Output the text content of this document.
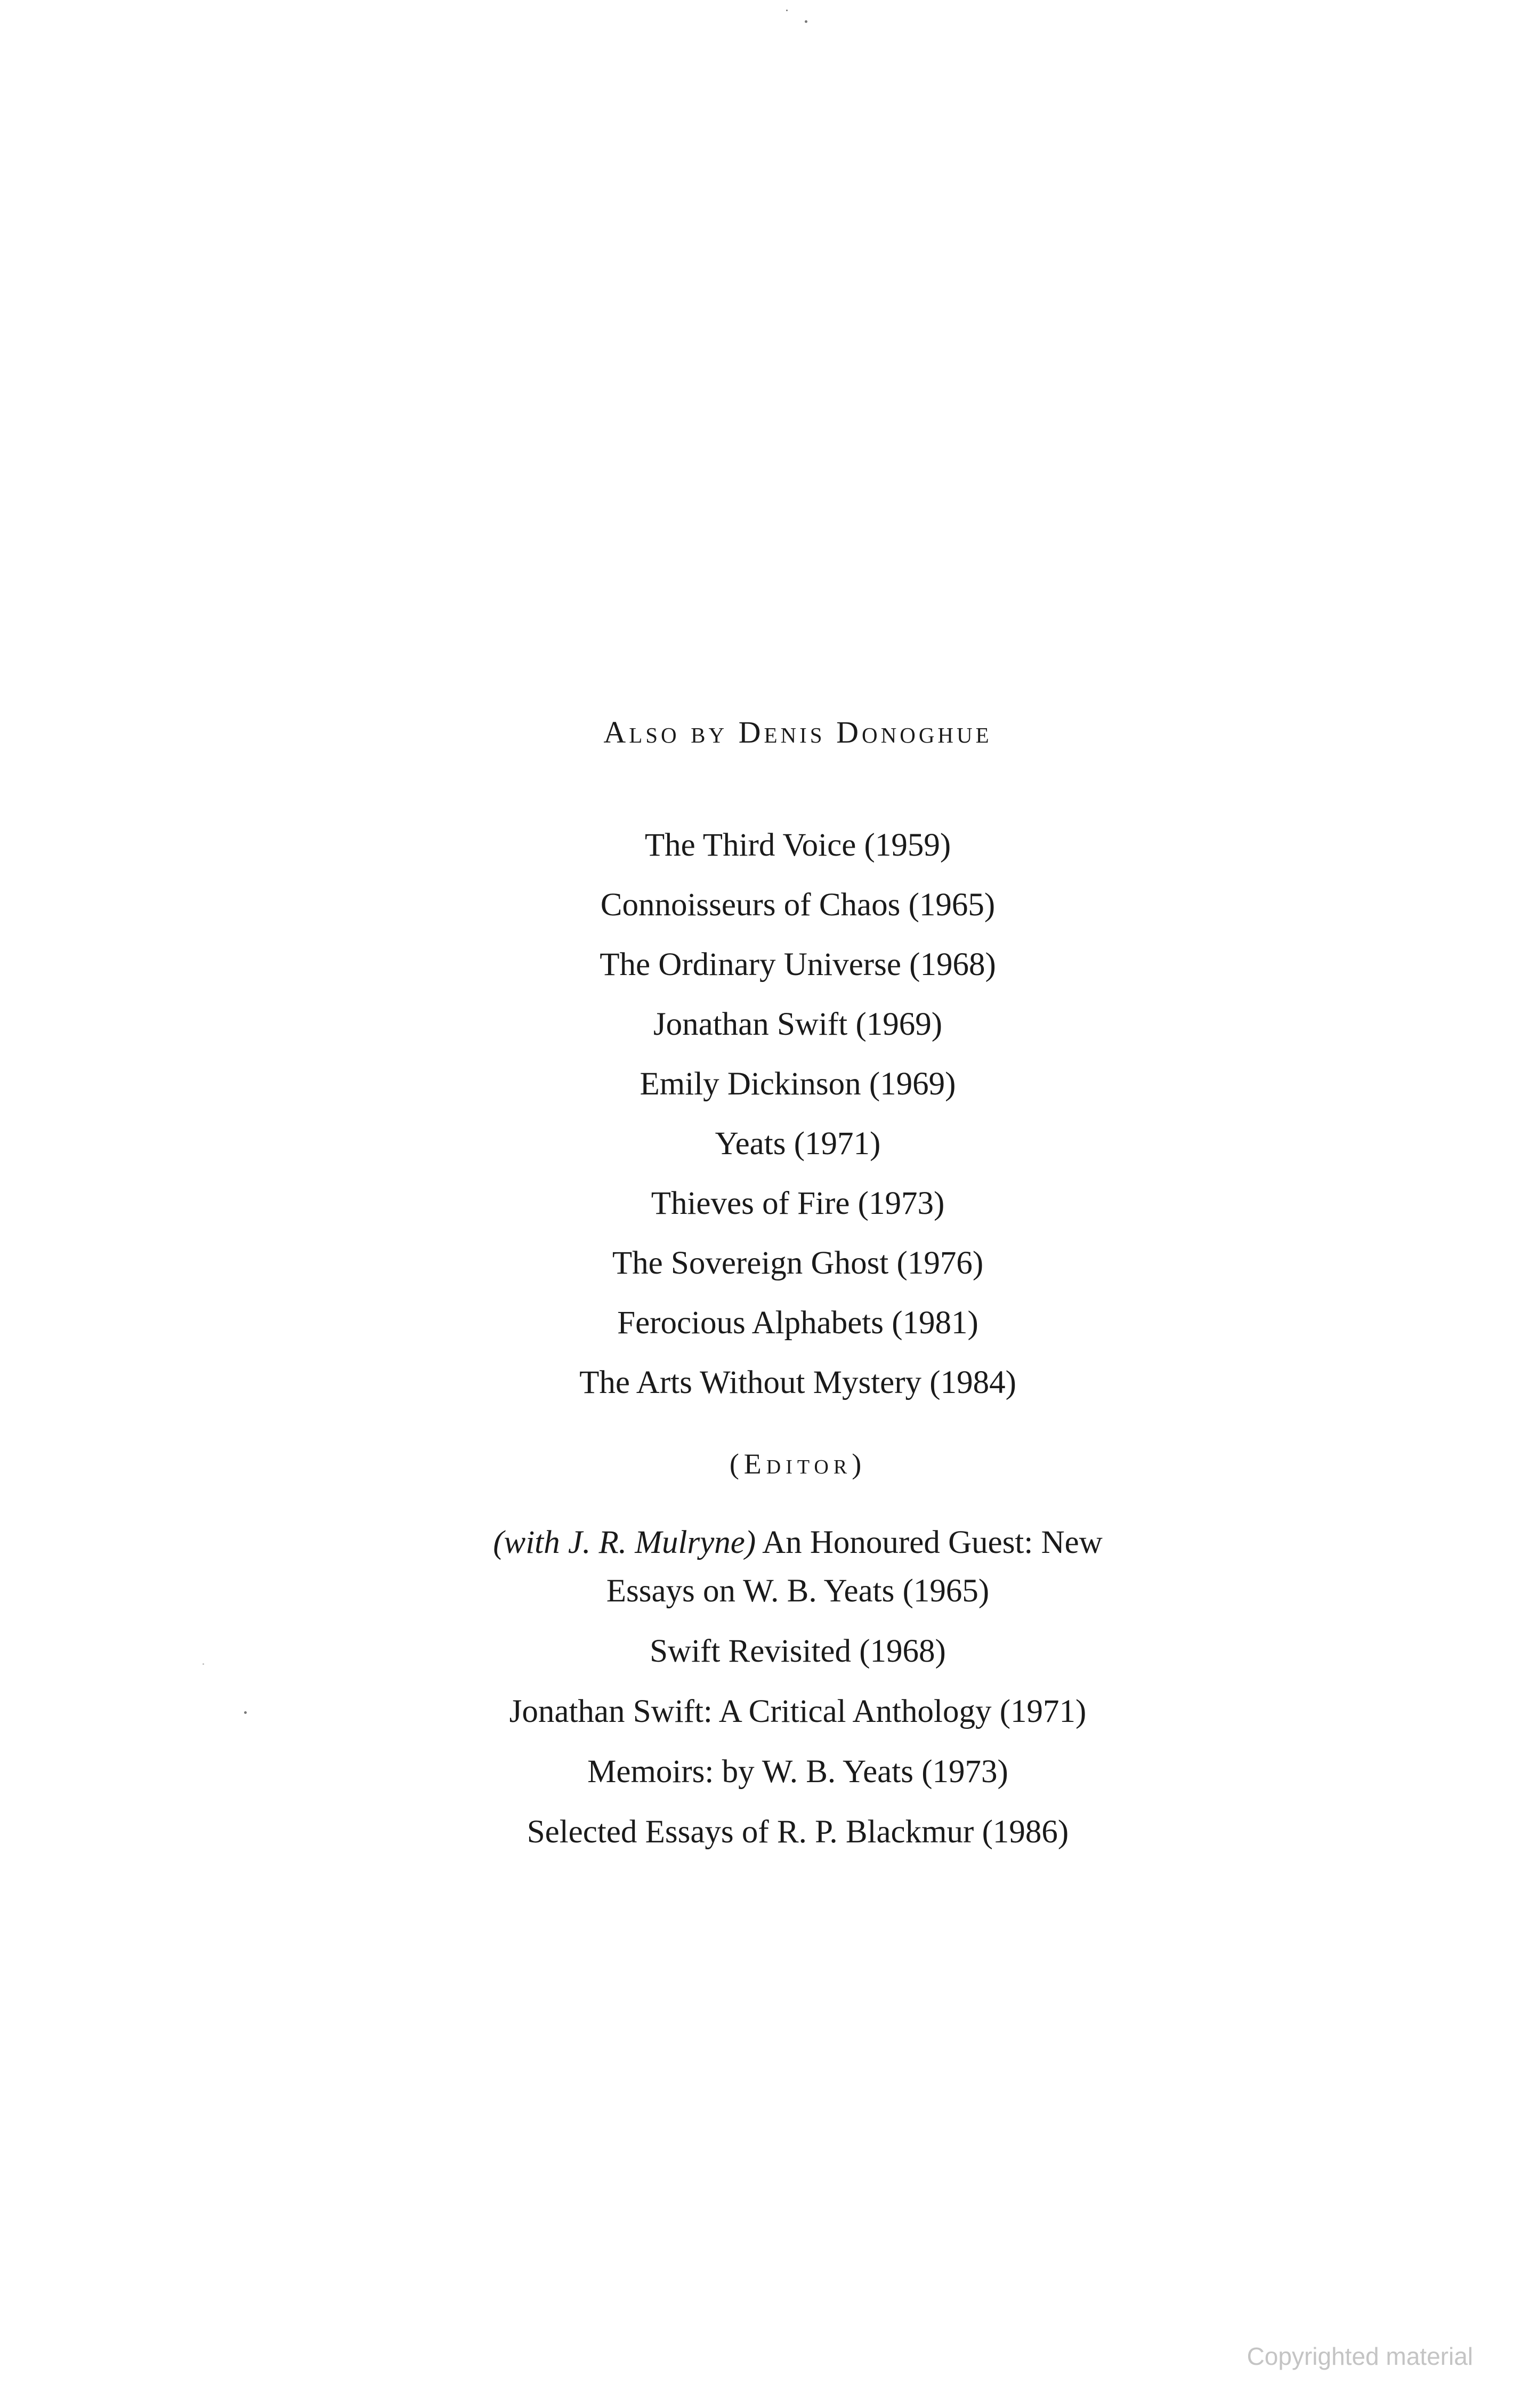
Also by Denis Donoghue
The Third Voice (1959)
Connoisseurs of Chaos (1965)
The Ordinary Universe (1968)
Jonathan Swift (1969)
Emily Dickinson (1969)
Yeats (1971)
Thieves of Fire (1973)
The Sovereign Ghost (1976)
Ferocious Alphabets (1981)
The Arts Without Mystery (1984)
(Editor)
(with J. R. Mulryne) An Honoured Guest: New Essays on W. B. Yeats (1965)
Swift Revisited (1968)
Jonathan Swift: A Critical Anthology (1971)
Memoirs: by W. B. Yeats (1973)
Selected Essays of R. P. Blackmur (1986)
Copyrighted material
